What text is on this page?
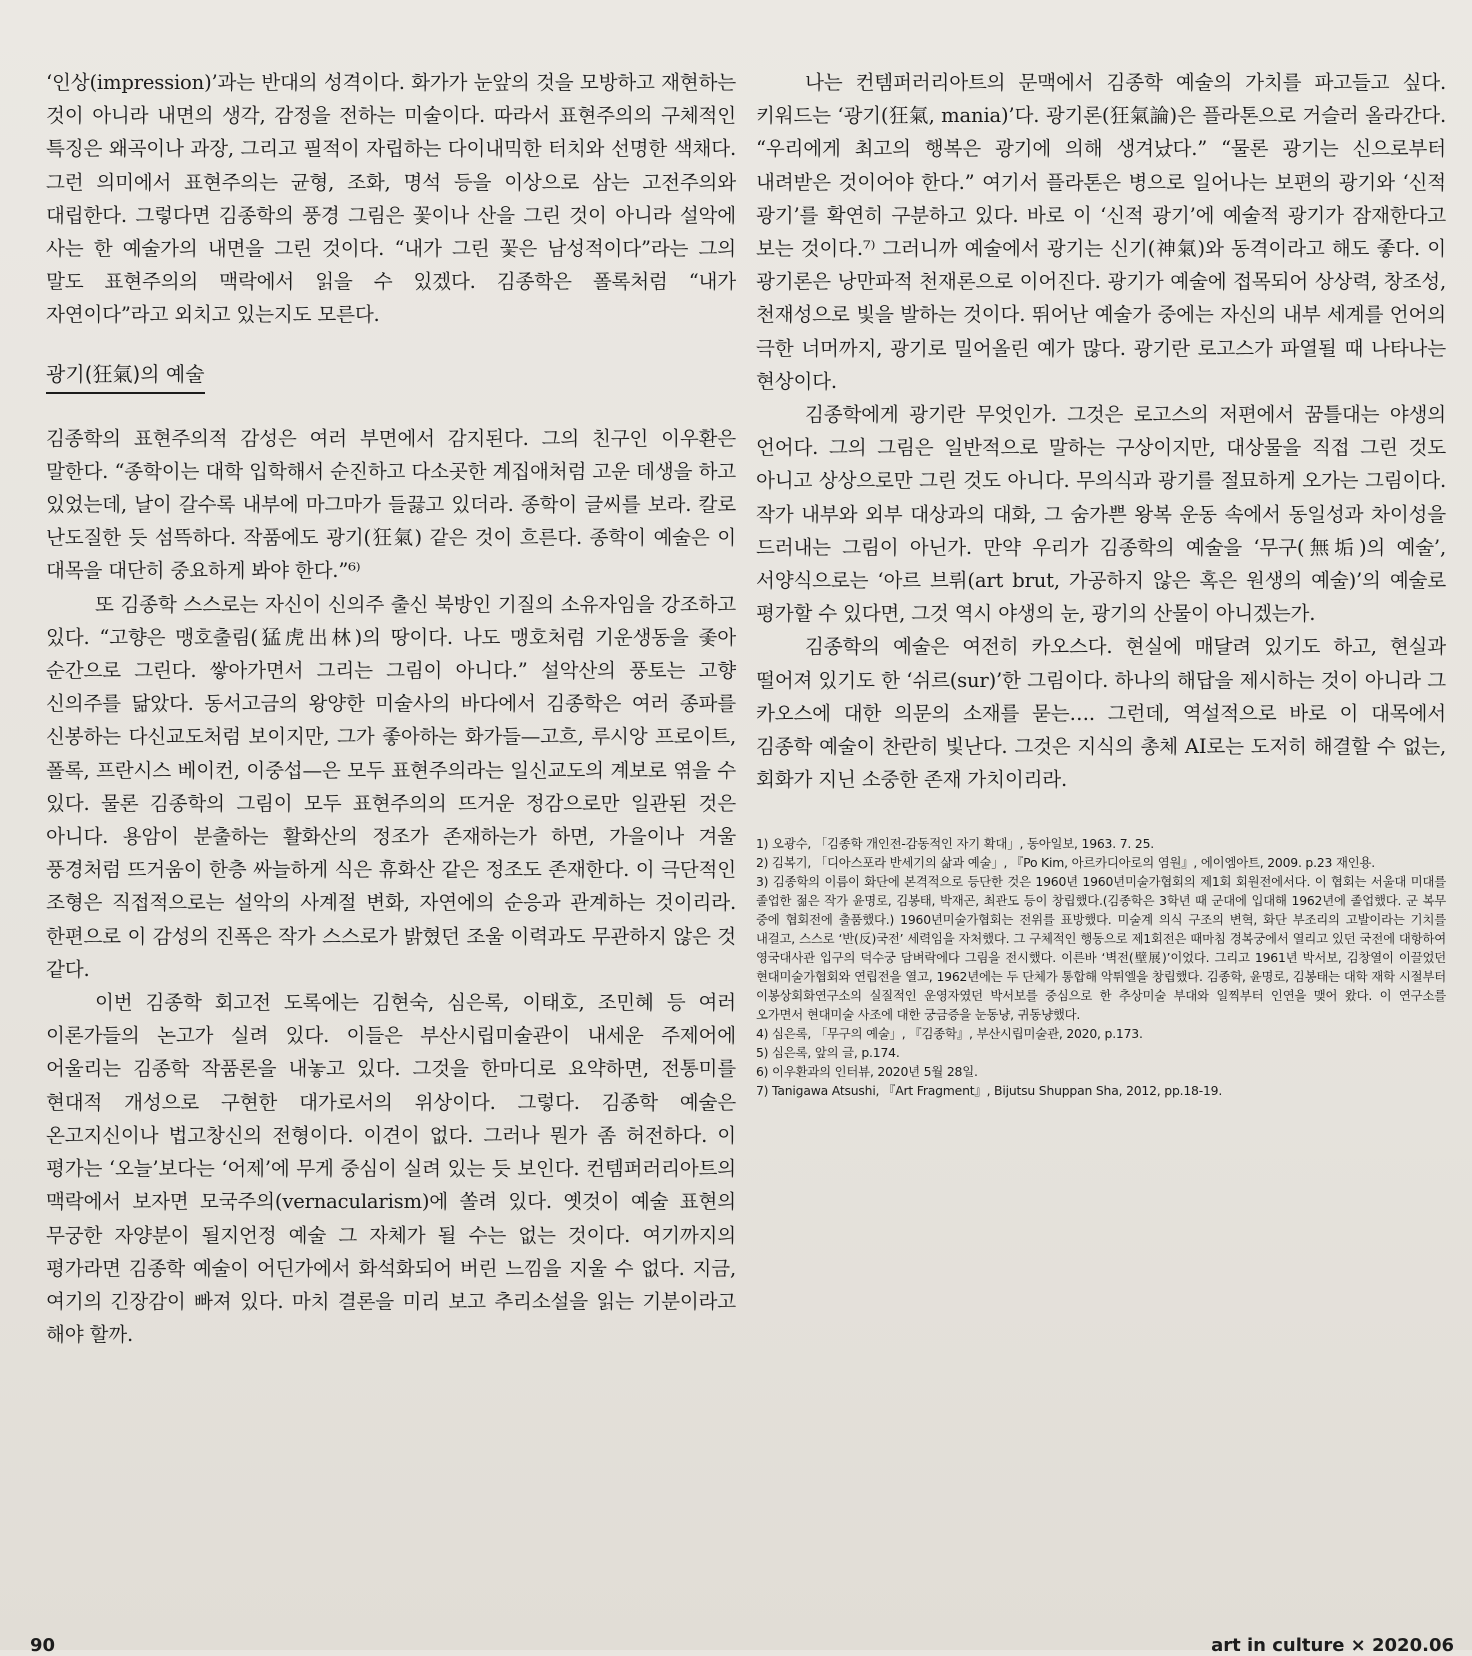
‘인상(impression)’과는 반대의 성격이다. 화가가 눈앞의 것을 모방하고 재현하는 것이 아니라 내면의 생각, 감정을 전하는 미술이다. 따라서 표현주의의 구체적인 특징은 왜곡이나 과장, 그리고 필적이 자립하는 다이내믹한 터치와 선명한 색채다. 그런 의미에서 표현주의는 균형, 조화, 명석 등을 이상으로 삼는 고전주의와 대립한다. 그렇다면 김종학의 풍경 그림은 꽃이나 산을 그린 것이 아니라 설악에 사는 한 예술가의 내면을 그린 것이다. “내가 그린 꽃은 남성적이다”라는 그의 말도 표현주의의 맥락에서 읽을 수 있겠다. 김종학은 폴록처럼 “내가 자연이다”라고 외치고 있는지도 모른다.

광기(狂氣)의 예술

김종학의 표현주의적 감성은 여러 부면에서 감지된다. 그의 친구인 이우환은 말한다. “종학이는 대학 입학해서 순진하고 다소곳한 계집애처럼 고운 데생을 하고 있었는데, 날이 갈수록 내부에 마그마가 들끓고 있더라. 종학이 글씨를 보라. 칼로 난도질한 듯 섬뜩하다. 작품에도 광기(狂氣) 같은 것이 흐른다. 종학이 예술은 이 대목을 대단히 중요하게 봐야 한다.”⁶⁾

또 김종학 스스로는 자신이 신의주 출신 북방인 기질의 소유자임을 강조하고 있다. “고향은 맹호출림(猛虎出林)의 땅이다. 나도 맹호처럼 기운생동을 좇아 순간으로 그린다. 쌓아가면서 그리는 그림이 아니다.” 설악산의 풍토는 고향 신의주를 닮았다. 동서고금의 왕양한 미술사의 바다에서 김종학은 여러 종파를 신봉하는 다신교도처럼 보이지만, 그가 좋아하는 화가들—고흐, 루시앙 프로이트, 폴록, 프란시스 베이컨, 이중섭—은 모두 표현주의라는 일신교도의 계보로 엮을 수 있다. 물론 김종학의 그림이 모두 표현주의의 뜨거운 정감으로만 일관된 것은 아니다. 용암이 분출하는 활화산의 정조가 존재하는가 하면, 가을이나 겨울 풍경처럼 뜨거움이 한층 싸늘하게 식은 휴화산 같은 정조도 존재한다. 이 극단적인 조형은 직접적으로는 설악의 사계절 변화, 자연에의 순응과 관계하는 것이리라. 한편으로 이 감성의 진폭은 작가 스스로가 밝혔던 조울 이력과도 무관하지 않은 것 같다.

이번 김종학 회고전 도록에는 김현숙, 심은록, 이태호, 조민혜 등 여러 이론가들의 논고가 실려 있다. 이들은 부산시립미술관이 내세운 주제어에 어울리는 김종학 작품론을 내놓고 있다. 그것을 한마디로 요약하면, 전통미를 현대적 개성으로 구현한 대가로서의 위상이다. 그렇다. 김종학 예술은 온고지신이나 법고창신의 전형이다. 이견이 없다. 그러나 뭔가 좀 허전하다. 이 평가는 ‘오늘’보다는 ‘어제’에 무게 중심이 실려 있는 듯 보인다. 컨템퍼러리아트의 맥락에서 보자면 모국주의(vernacularism)에 쏠려 있다. 옛것이 예술 표현의 무궁한 자양분이 될지언정 예술 그 자체가 될 수는 없는 것이다. 여기까지의 평가라면 김종학 예술이 어딘가에서 화석화되어 버린 느낌을 지울 수 없다. 지금, 여기의 긴장감이 빠져 있다. 마치 결론을 미리 보고 추리소설을 읽는 기분이라고 해야 할까.

나는 컨템퍼러리아트의 문맥에서 김종학 예술의 가치를 파고들고 싶다. 키워드는 ‘광기(狂氣, mania)’다. 광기론(狂氣論)은 플라톤으로 거슬러 올라간다. “우리에게 최고의 행복은 광기에 의해 생겨났다.” “물론 광기는 신으로부터 내려받은 것이어야 한다.” 여기서 플라톤은 병으로 일어나는 보편의 광기와 ‘신적 광기’를 확연히 구분하고 있다. 바로 이 ‘신적 광기’에 예술적 광기가 잠재한다고 보는 것이다.⁷⁾ 그러니까 예술에서 광기는 신기(神氣)와 동격이라고 해도 좋다. 이 광기론은 낭만파적 천재론으로 이어진다. 광기가 예술에 접목되어 상상력, 창조성, 천재성으로 빛을 발하는 것이다. 뛰어난 예술가 중에는 자신의 내부 세계를 언어의 극한 너머까지, 광기로 밀어올린 예가 많다. 광기란 로고스가 파열될 때 나타나는 현상이다.

김종학에게 광기란 무엇인가. 그것은 로고스의 저편에서 꿈틀대는 야생의 언어다. 그의 그림은 일반적으로 말하는 구상이지만, 대상물을 직접 그린 것도 아니고 상상으로만 그린 것도 아니다. 무의식과 광기를 절묘하게 오가는 그림이다. 작가 내부와 외부 대상과의 대화, 그 숨가쁜 왕복 운동 속에서 동일성과 차이성을 드러내는 그림이 아닌가. 만약 우리가 김종학의 예술을 ‘무구(無垢)의 예술’, 서양식으로는 ‘아르 브뤼(art brut, 가공하지 않은 혹은 원생의 예술)’의 예술로 평가할 수 있다면, 그것 역시 야생의 눈, 광기의 산물이 아니겠는가.

김종학의 예술은 여전히 카오스다. 현실에 매달려 있기도 하고, 현실과 떨어져 있기도 한 ‘쉬르(sur)’한 그림이다. 하나의 해답을 제시하는 것이 아니라 그 카오스에 대한 의문의 소재를 묻는…. 그런데, 역설적으로 바로 이 대목에서 김종학 예술이 찬란히 빛난다. 그것은 지식의 총체 AI로는 도저히 해결할 수 없는, 회화가 지닌 소중한 존재 가치이리라.

1) 오광수, 「김종학 개인전-감동적인 자기 확대」, 동아일보, 1963. 7. 25.

2) 김복기, 「디아스포라 반세기의 삶과 예술」, 『Po Kim, 아르카디아로의 염원』, 에이엠아트, 2009. p.23 재인용.

3) 김종학의 이름이 화단에 본격적으로 등단한 것은 1960년 1960년미술가협회의 제1회 회원전에서다. 이 협회는 서울대 미대를 졸업한 젊은 작가 윤명로, 김봉태, 박재곤, 최관도 등이 창립했다.(김종학은 3학년 때 군대에 입대해 1962년에 졸업했다. 군 복무 중에 협회전에 출품했다.) 1960년미술가협회는 전위를 표방했다. 미술계 의식 구조의 변혁, 화단 부조리의 고발이라는 기치를 내걸고, 스스로 ‘반(反)국전’ 세력임을 자처했다. 그 구체적인 행동으로 제1회전은 때마침 경복궁에서 열리고 있던 국전에 대항하여 영국대사관 입구의 덕수궁 담벼락에다 그림을 전시했다. 이른바 ‘벽전(壁展)’이었다. 그리고 1961년 박서보, 김창열이 이끌었던 현대미술가협회와 연립전을 열고, 1962년에는 두 단체가 통합해 악튀엘을 창립했다. 김종학, 윤명로, 김봉태는 대학 재학 시절부터 이봉상회화연구소의 실질적인 운영자였던 박서보를 중심으로 한 추상미술 부대와 일찍부터 인연을 맺어 왔다. 이 연구소를 오가면서 현대미술 사조에 대한 궁금증을 눈동냥, 귀동냥했다.

4) 심은록, 「무구의 예술」, 『김종학』, 부산시립미술관, 2020, p.173.

5) 심은록, 앞의 글, p.174.

6) 이우환과의 인터뷰, 2020년 5월 28일.

7) Tanigawa Atsushi, 『Art Fragment』, Bijutsu Shuppan Sha, 2012, pp.18-19.

90	art in culture × 2020.06
